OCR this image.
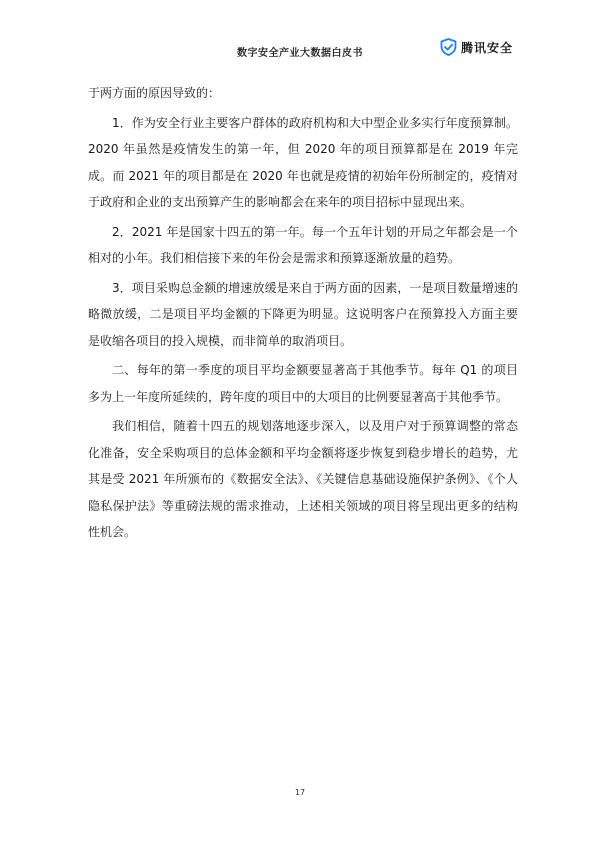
数字安全产业大数据白皮书	腾讯安全

于两方面的原因导致的：

1．作为安全行业主要客户群体的政府机构和大中型企业多实行年度预算制。2020 年虽然是疫情发生的第一年，但 2020 年的项目预算都是在 2019 年完成。而 2021 年的项目都是在 2020 年也就是疫情的初始年份所制定的，疫情对于政府和企业的支出预算产生的影响都会在来年的项目招标中显现出来。

2．2021 年是国家十四五的第一年。每一个五年计划的开局之年都会是一个相对的小年。我们相信接下来的年份会是需求和预算逐渐放量的趋势。

3．项目采购总金额的增速放缓是来自于两方面的因素，一是项目数量增速的略微放缓，二是项目平均金额的下降更为明显。这说明客户在预算投入方面主要是收缩各项目的投入规模，而非简单的取消项目。

二、每年的第一季度的项目平均金额要显著高于其他季节。每年 Q1 的项目多为上一年度所延续的，跨年度的项目中的大项目的比例要显著高于其他季节。

我们相信，随着十四五的规划落地逐步深入，以及用户对于预算调整的常态化准备，安全采购项目的总体金额和平均金额将逐步恢复到稳步增长的趋势，尤其是受 2021 年所颁布的《数据安全法》、《关键信息基础设施保护条例》、《个人隐私保护法》等重磅法规的需求推动，上述相关领域的项目将呈现出更多的结构性机会。

17
